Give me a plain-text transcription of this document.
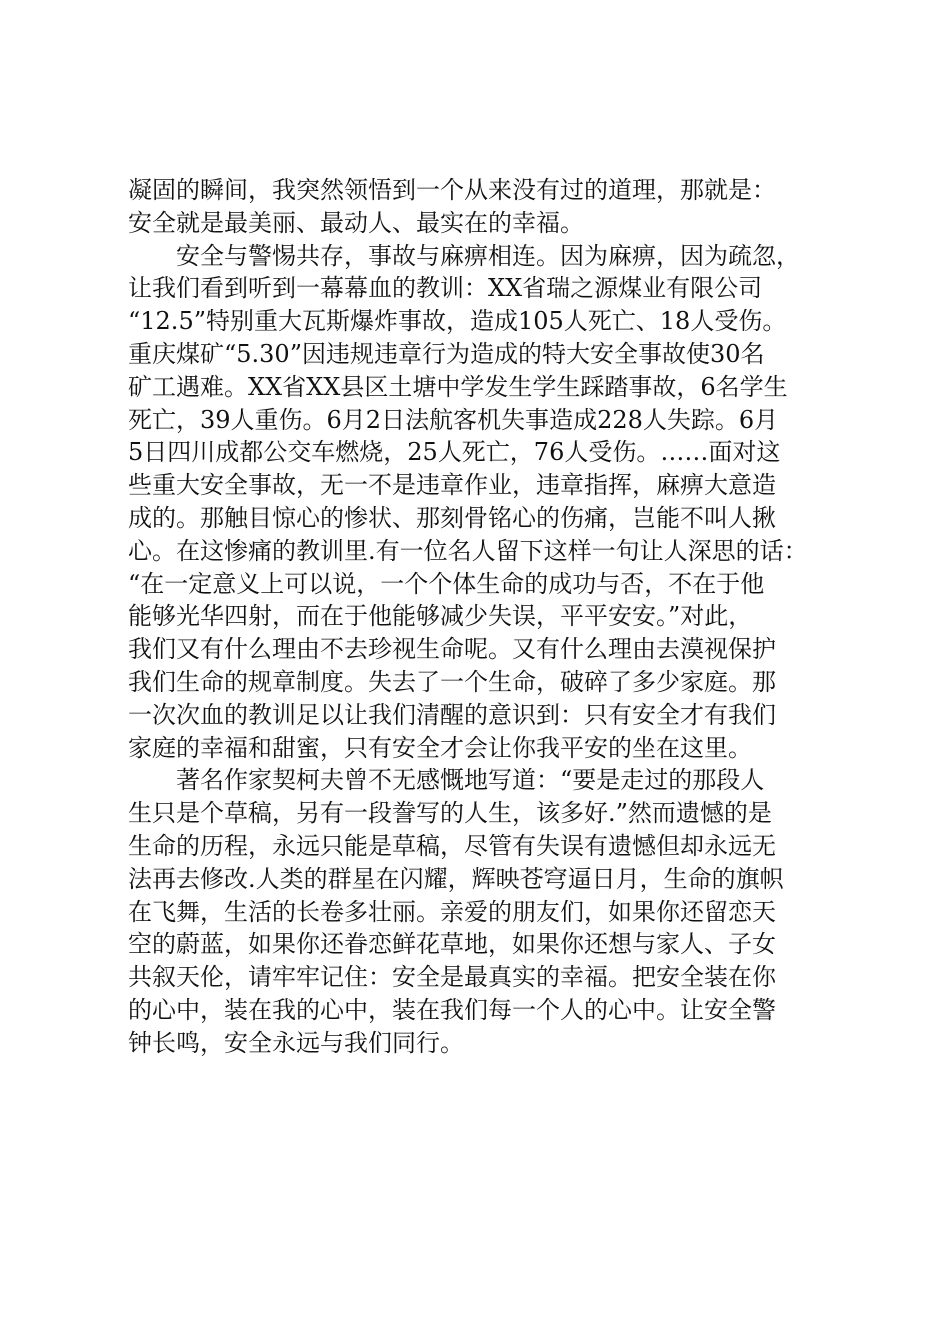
凝固的瞬间，我突然领悟到一个从来没有过的道理，那就是：
安全就是最美丽、最动人、最实在的幸福。
安全与警惕共存，事故与麻痹相连。因为麻痹，因为疏忽，
让我们看到听到一幕幕血的教训：XX省瑞之源煤业有限公司
“12.5”特别重大瓦斯爆炸事故，造成105人死亡、18人受伤。
重庆煤矿“5.30”因违规违章行为造成的特大安全事故使30名
矿工遇难。XX省XX县区土塘中学发生学生踩踏事故，6名学生
死亡，39人重伤。6月2日法航客机失事造成228人失踪。6月
5日四川成都公交车燃烧，25人死亡，76人受伤。……面对这
些重大安全事故，无一不是违章作业，违章指挥，麻痹大意造
成的。那触目惊心的惨状、那刻骨铭心的伤痛，岂能不叫人揪
心。在这惨痛的教训里.有一位名人留下这样一句让人深思的话：
“在一定意义上可以说，一个个体生命的成功与否，不在于他
能够光华四射，而在于他能够减少失误，平平安安。”对此，
我们又有什么理由不去珍视生命呢。又有什么理由去漠视保护
我们生命的规章制度。失去了一个生命，破碎了多少家庭。那
一次次血的教训足以让我们清醒的意识到：只有安全才有我们
家庭的幸福和甜蜜，只有安全才会让你我平安的坐在这里。
著名作家契柯夫曾不无感慨地写道：“要是走过的那段人
生只是个草稿，另有一段誊写的人生，该多好.”然而遗憾的是
生命的历程，永远只能是草稿，尽管有失误有遗憾但却永远无
法再去修改.人类的群星在闪耀，辉映苍穹逼日月，生命的旗帜
在飞舞，生活的长卷多壮丽。亲爱的朋友们，如果你还留恋天
空的蔚蓝，如果你还眷恋鲜花草地，如果你还想与家人、子女
共叙天伦，请牢牢记住：安全是最真实的幸福。把安全装在你
的心中，装在我的心中，装在我们每一个人的心中。让安全警
钟长鸣，安全永远与我们同行。
